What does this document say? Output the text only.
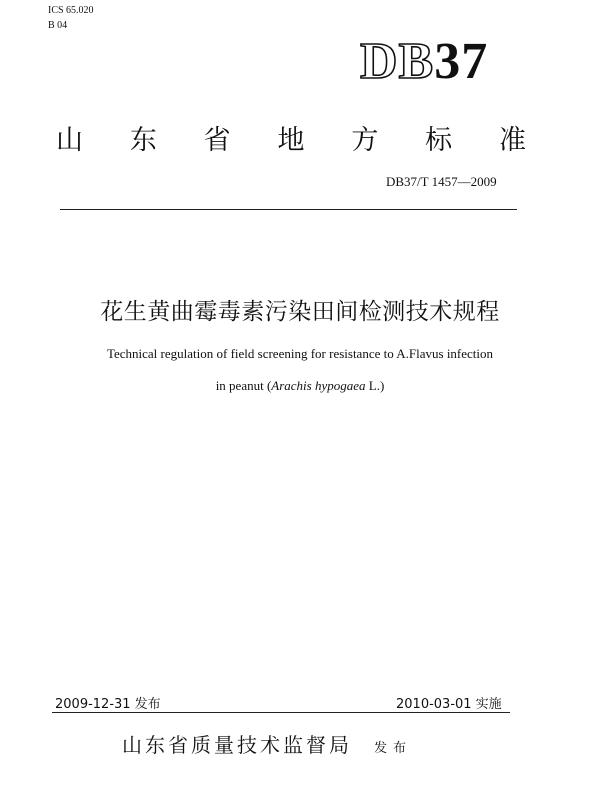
ICS 65.020
B 04
DB37
山 东 省 地 方 标 准
DB37/T 1457—2009
花生黄曲霉毒素污染田间检测技术规程
Technical regulation of field screening for resistance to A.Flavus infection
in peanut (Arachis hypogaea L.)
2009-12-31 发布	2010-03-01 实施
山东省质量技术监督局 发布
